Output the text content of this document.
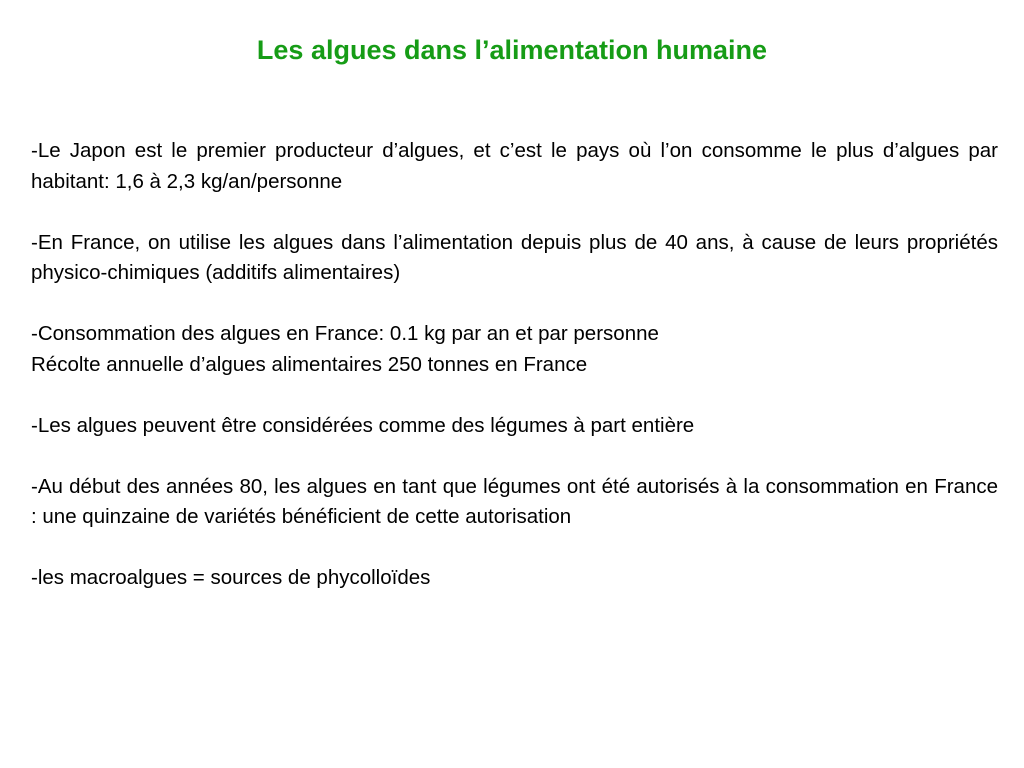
Les algues dans l’alimentation humaine

-Le Japon est le premier producteur d’algues, et c’est le pays où l’on consomme le plus d’algues par habitant: 1,6 à 2,3 kg/an/personne

-En France, on utilise les algues dans l’alimentation depuis plus de 40 ans, à cause de leurs propriétés physico-chimiques (additifs alimentaires)

-Consommation des algues en France: 0.1 kg par an et par personne
Récolte annuelle d’algues alimentaires 250 tonnes en France

-Les algues peuvent être considérées comme des légumes à part entière

-Au début des années 80, les algues en tant que légumes ont été autorisés à la consommation en France : une quinzaine de variétés bénéficient de cette autorisation

-les macroalgues = sources de phycolloïdes
